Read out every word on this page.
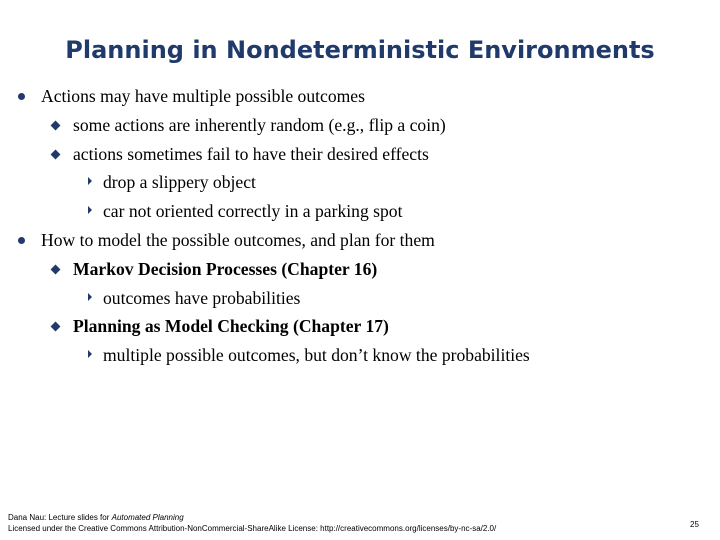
Planning in Nondeterministic Environments
Actions may have multiple possible outcomes
some actions are inherently random (e.g., flip a coin)
actions sometimes fail to have their desired effects
drop a slippery object
car not oriented correctly in a parking spot
How to model the possible outcomes, and plan for them
Markov Decision Processes (Chapter 16)
outcomes have probabilities
Planning as Model Checking (Chapter 17)
multiple possible outcomes, but don’t know the probabilities
Dana Nau: Lecture slides for Automated Planning
Licensed under the Creative Commons Attribution-NonCommercial-ShareAlike License: http://creativecommons.org/licenses/by-nc-sa/2.0/	25
